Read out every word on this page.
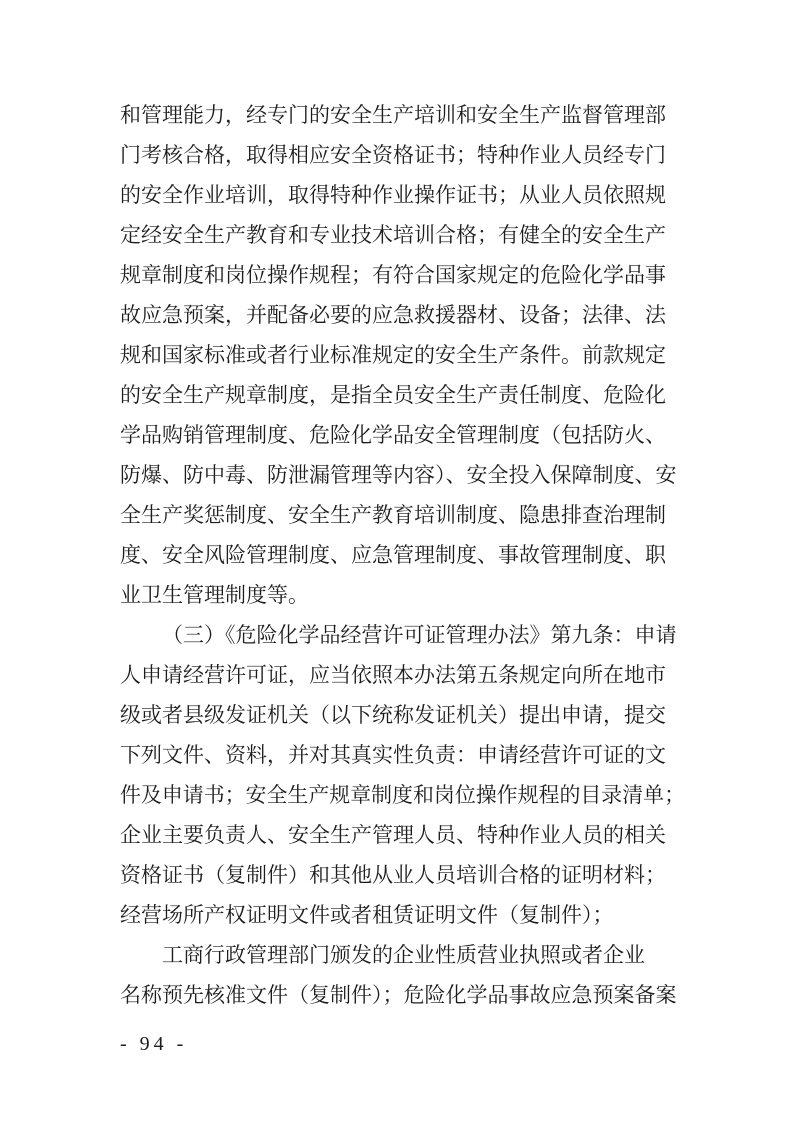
和管理能力，经专门的安全生产培训和安全生产监督管理部
门考核合格，取得相应安全资格证书；特种作业人员经专门
的安全作业培训，取得特种作业操作证书；从业人员依照规
定经安全生产教育和专业技术培训合格；有健全的安全生产
规章制度和岗位操作规程；有符合国家规定的危险化学品事
故应急预案，并配备必要的应急救援器材、设备；法律、法
规和国家标准或者行业标准规定的安全生产条件。前款规定
的安全生产规章制度，是指全员安全生产责任制度、危险化
学品购销管理制度、危险化学品安全管理制度（包括防火、
防爆、防中毒、防泄漏管理等内容）、安全投入保障制度、安
全生产奖惩制度、安全生产教育培训制度、隐患排查治理制
度、安全风险管理制度、应急管理制度、事故管理制度、职
业卫生管理制度等。
（三）《危险化学品经营许可证管理办法》第九条：申请
人申请经营许可证，应当依照本办法第五条规定向所在地市
级或者县级发证机关（以下统称发证机关）提出申请，提交
下列文件、资料，并对其真实性负责：申请经营许可证的文
件及申请书；安全生产规章制度和岗位操作规程的目录清单；
企业主要负责人、安全生产管理人员、特种作业人员的相关
资格证书（复制件）和其他从业人员培训合格的证明材料；
经营场所产权证明文件或者租赁证明文件（复制件）；
工商行政管理部门颁发的企业性质营业执照或者企业
名称预先核准文件（复制件）；危险化学品事故应急预案备案
- 94 -
